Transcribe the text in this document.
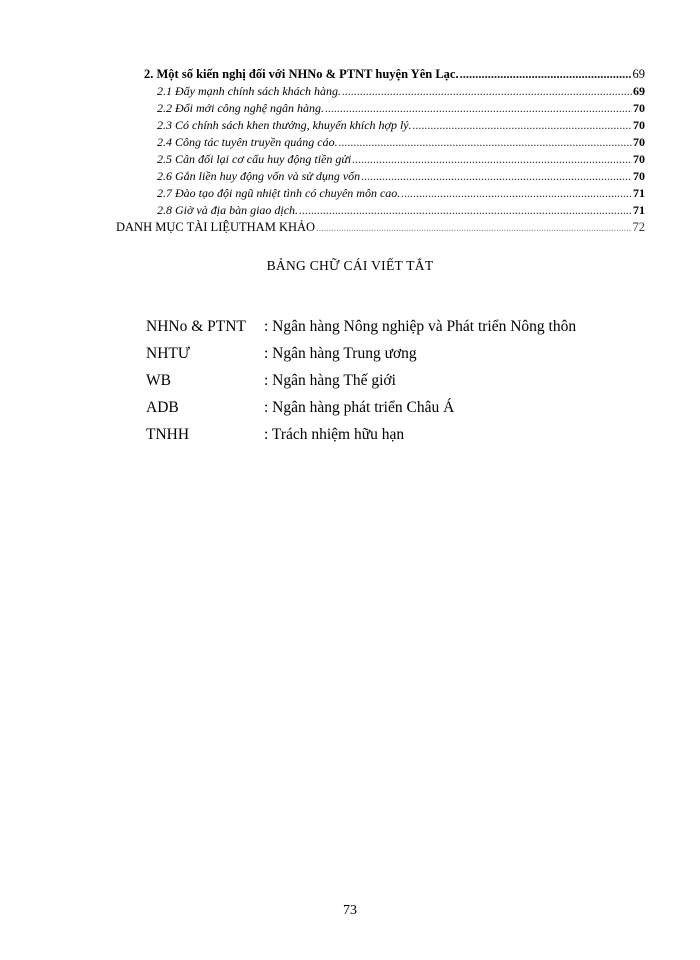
2. Một số kiến nghị đối với NHNo & PTNT huyện Yên Lạc. .....	69
2.1 Đẩy mạnh chính sách khách hàng. .....	69
2.2 Đổi mới công nghệ ngân hàng. .....	70
2.3 Có chính sách khen thưởng, khuyến khích hợp lý. .....	70
2.4 Công tác tuyên truyền quảng cáo. .....	70
2.5 Cân đối lại cơ cấu huy động tiền gửi .....	70
2.6 Gắn liền huy động vốn và sử dụng vốn .....	70
2.7 Đào tạo đội ngũ nhiệt tình có chuyên môn cao. .....	71
2.8 Giờ và địa bàn giao dịch. .....	71
DANH MỤC TÀI LIỆUTHAM KHẢO .....	72
BẢNG CHỮ CÁI VIẾT TẮT
NHNo & PTNT : Ngân hàng Nông nghiệp và Phát triển Nông thôn
NHTƯ	: Ngân hàng Trung ương
WB	: Ngân hàng Thế giới
ADB	: Ngân hàng phát triển Châu Á
TNHH	: Trách nhiệm hữu hạn
73
